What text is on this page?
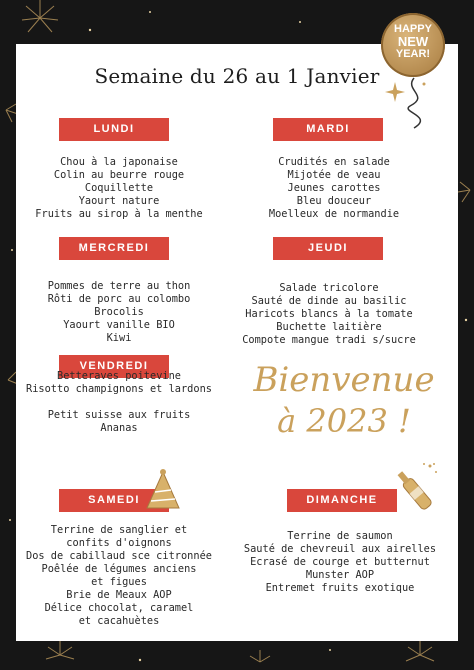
Semaine du 26 au 1 Janvier
HAPPY
NEW
YEAR!
LUNDI	MARDI
MERCREDI	JEUDI
VENDREDI
SAMEDI	DIMANCHE
Chou à la japonaise
Colin au beurre rouge
Coquillette
Yaourt nature
Fruits au sirop à la menthe
Crudités en salade
Mijotée de veau
Jeunes carottes
Bleu douceur
Moelleux de normandie
Pommes de terre au thon
Rôti de porc au colombo
Brocolis
Yaourt vanille BIO
Kiwi
Salade tricolore
Sauté de dinde au basilic
Haricots blancs à la tomate
Buchette laitière
Compote mangue tradi s/sucre
Betteraves poitevine
Risotto champignons et lardons
Petit suisse aux fruits
Ananas
Terrine de sanglier et
confits d'oignons
Dos de cabillaud sce citronnée
Poêlée de légumes anciens
et figues
Brie de Meaux AOP
Délice chocolat, caramel
et cacahuètes
Terrine de saumon
Sauté de chevreuil aux airelles
Ecrasé de courge et butternut
Munster AOP
Entremet fruits exotique
Bienvenue
à 2023 !
